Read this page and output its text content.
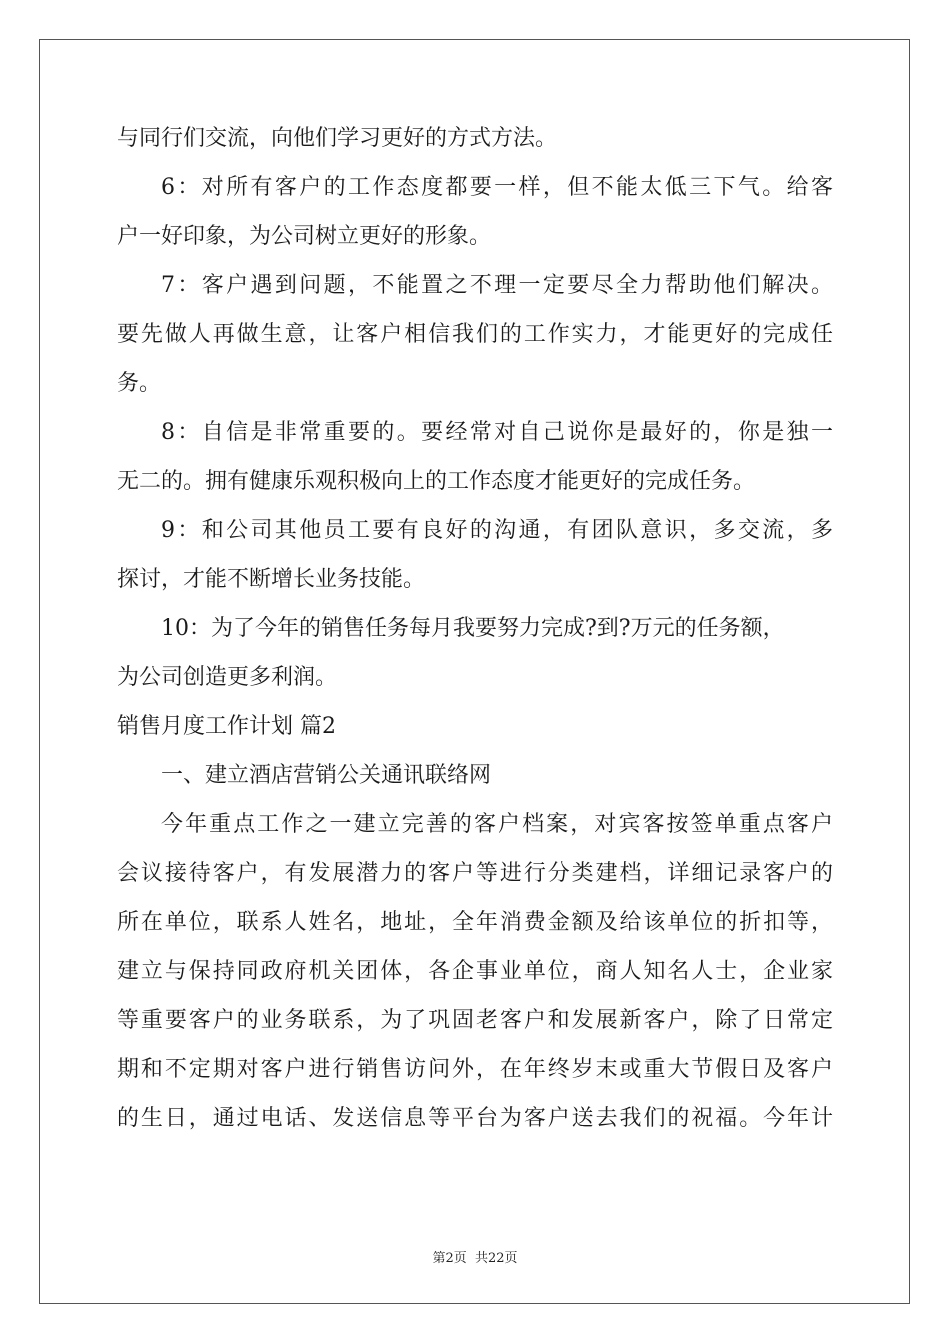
与同行们交流，向他们学习更好的方式方法。
6：对所有客户的工作态度都要一样，但不能太低三下气。给客
户一好印象，为公司树立更好的形象。
7：客户遇到问题，不能置之不理一定要尽全力帮助他们解决。
要先做人再做生意，让客户相信我们的工作实力，才能更好的完成任
务。
8：自信是非常重要的。要经常对自己说你是最好的，你是独一
无二的。拥有健康乐观积极向上的工作态度才能更好的完成任务。
9：和公司其他员工要有良好的沟通，有团队意识，多交流，多
探讨，才能不断增长业务技能。
10：为了今年的销售任务每月我要努力完成?到?万元的任务额，
为公司创造更多利润。
销售月度工作计划 篇2
一、建立酒店营销公关通讯联络网
今年重点工作之一建立完善的客户档案，对宾客按签单重点客户
会议接待客户，有发展潜力的客户等进行分类建档，详细记录客户的
所在单位，联系人姓名，地址，全年消费金额及给该单位的折扣等，
建立与保持同政府机关团体，各企事业单位，商人知名人士，企业家
等重要客户的业务联系，为了巩固老客户和发展新客户，除了日常定
期和不定期对客户进行销售访问外，在年终岁末或重大节假日及客户
的生日，通过电话、发送信息等平台为客户送去我们的祝福。今年计
第2页 共22页
